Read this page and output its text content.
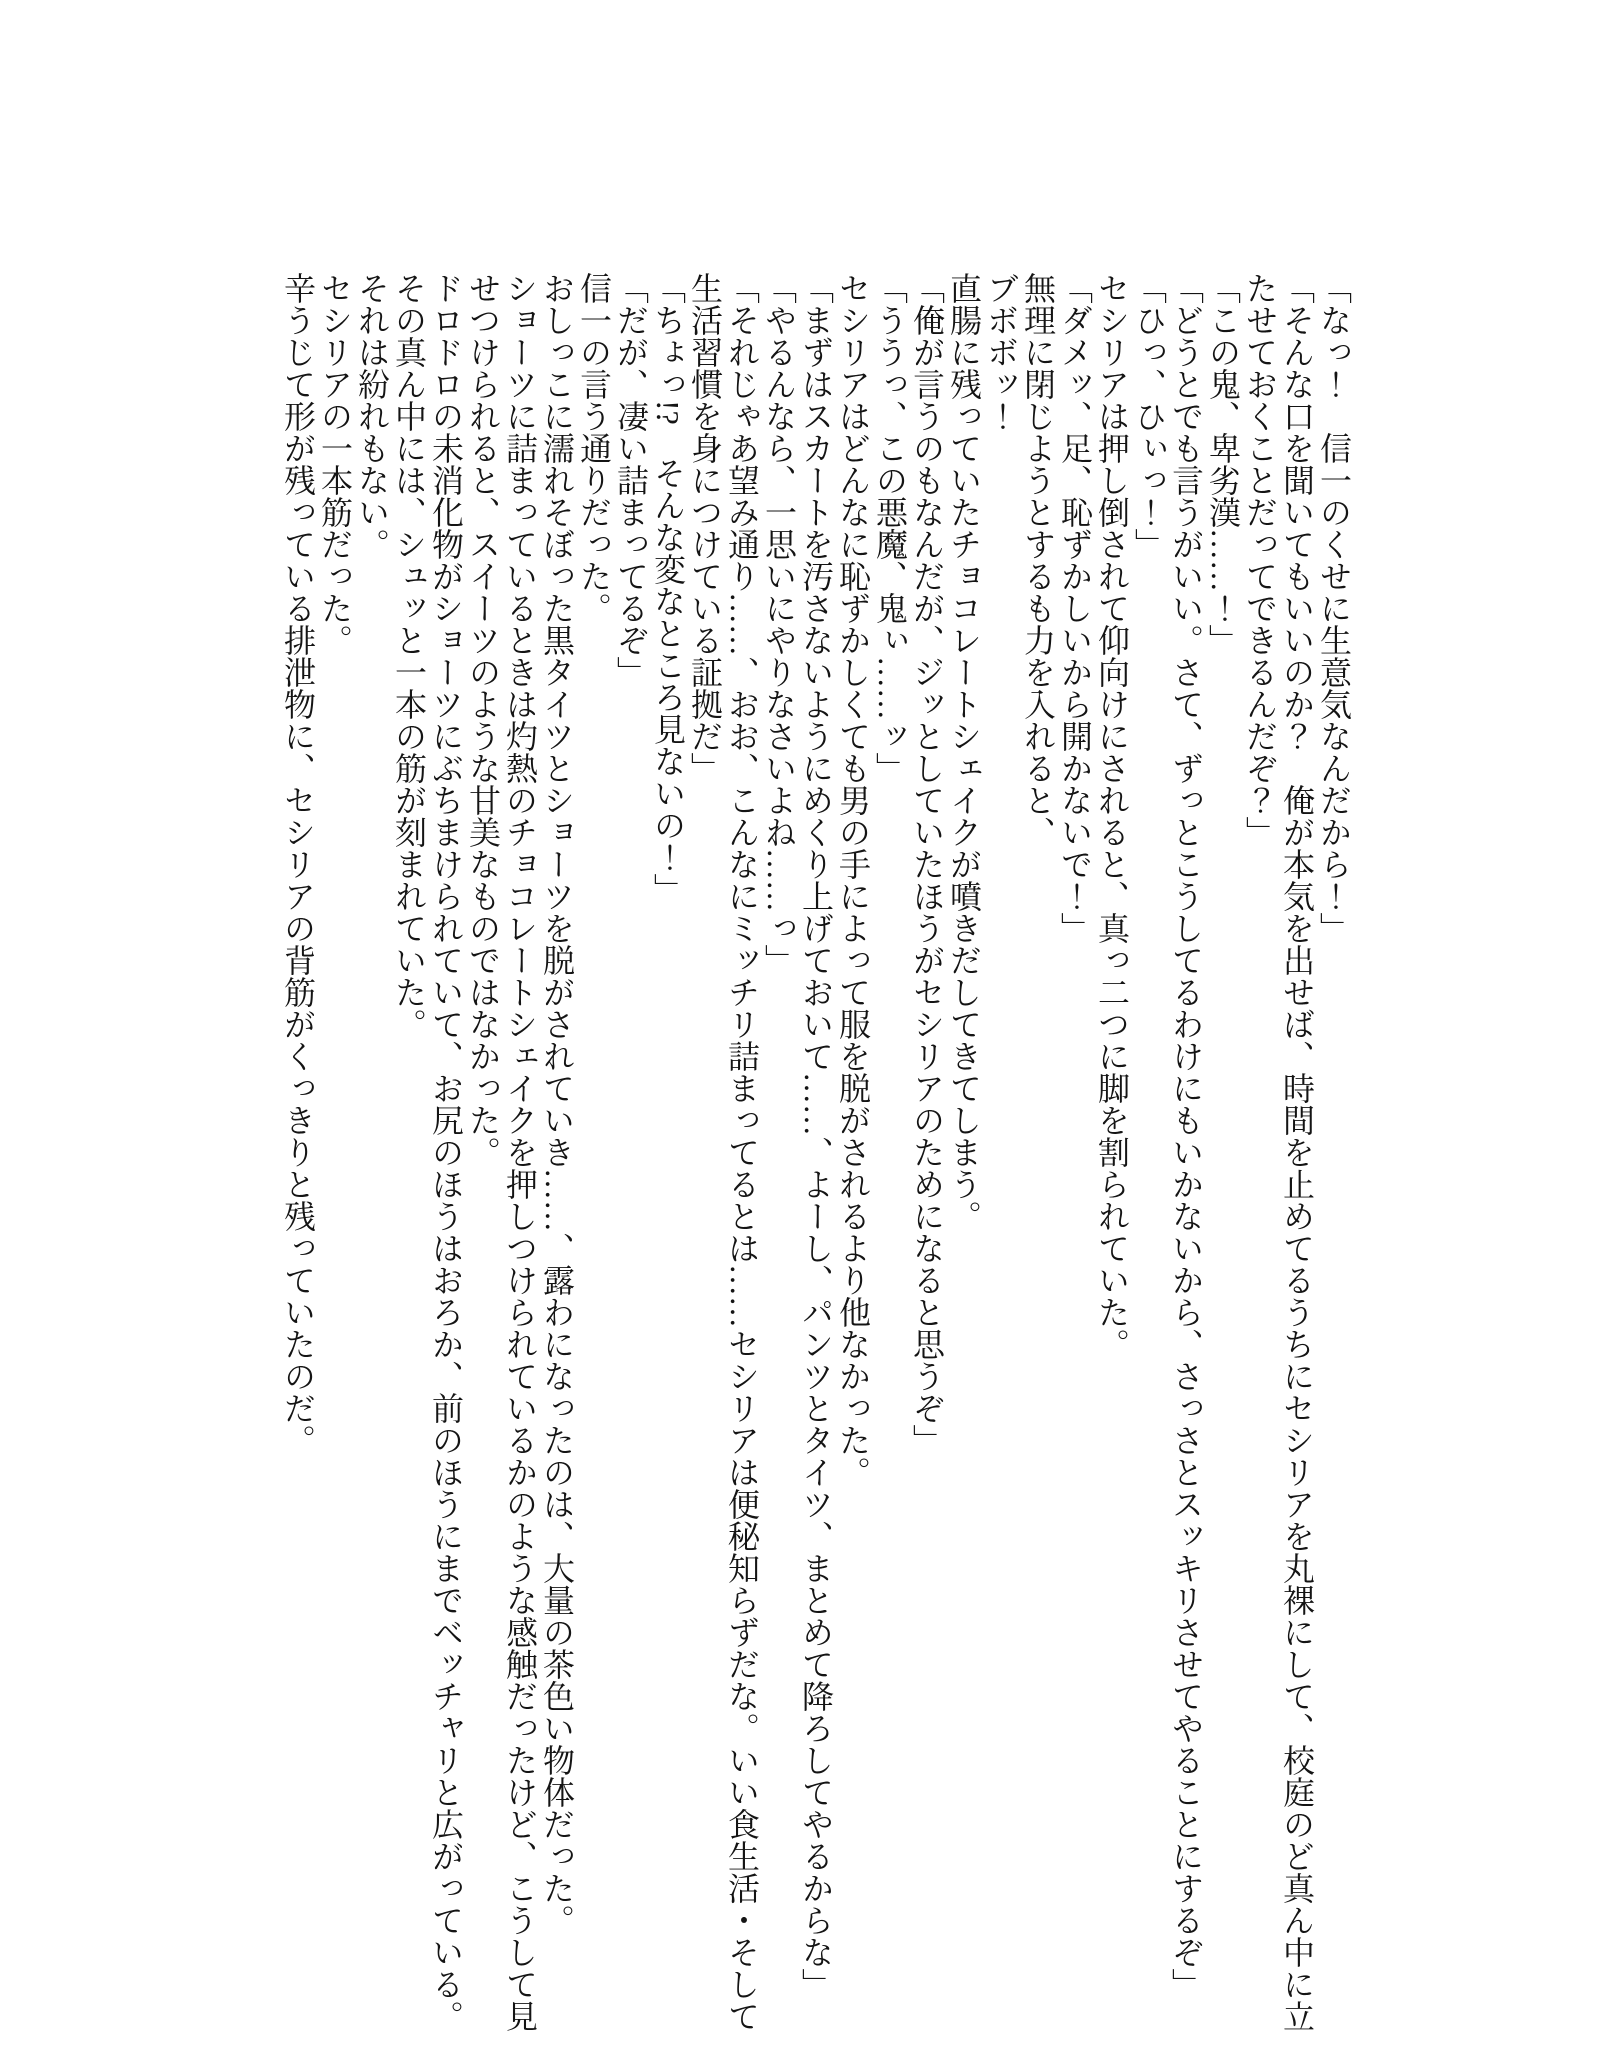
「なっ！　信一のくせに生意気なんだから！」

「そんな口を聞いてもいいのか？　俺が本気を出せば、時間を止めてるうちにセシリアを丸裸にして、校庭のど真ん中に立たせておくことだってできるんだぞ？」

「この鬼、卑劣漢……！」

「どうとでも言うがいい。さて、ずっとこうしてるわけにもいかないから、さっさとスッキリさせてやることにするぞ」

「ひっ、ひぃっ！」

セシリアは押し倒されて仰向けにされると、真っ二つに脚を割られていた。

「ダメッ、足、恥ずかしいから開かないで！」

無理に閉じようとするも力を入れると、

ブボボッ！

直腸に残っていたチョコレートシェイクが噴きだしてきてしまう。

「俺が言うのもなんだが、ジッとしていたほうがセシリアのためになると思うぞ」

「ううっ、この悪魔、鬼ぃ……ッ」

セシリアはどんなに恥ずかしくても男の手によって服を脱がされるより他なかった。

「まずはスカートを汚さないようにめくり上げておいて……、よーし、パンツとタイツ、まとめて降ろしてやるからな」

「やるんなら、一思いにやりなさいよね……っ」

「それじゃあ望み通り……、おお、こんなにミッチリ詰まってるとは……セシリアは便秘知らずだな。いい食生活・そして生活習慣を身につけている証拠だ」

「ちょっ!?　そんな変なところ見ないの！」

「だが、凄い詰まってるぞ」

信一の言う通りだった。

おしっこに濡れそぼった黒タイツとショーツを脱がされていき……、露わになったのは、大量の茶色い物体だった。

ショーツに詰まっているときは灼熱のチョコレートシェイクを押しつけられているかのような感触だったけど、こうして見せつけられると、スイーツのような甘美なものではなかった。

ドロドロの未消化物がショーツにぶちまけられていて、お尻のほうはおろか、前のほうにまでベッチャリと広がっている。

その真ん中には、シュッと一本の筋が刻まれていた。

それは紛れもない。

セシリアの一本筋だった。

辛うじて形が残っている排泄物に、セシリアの背筋がくっきりと残っていたのだ。
